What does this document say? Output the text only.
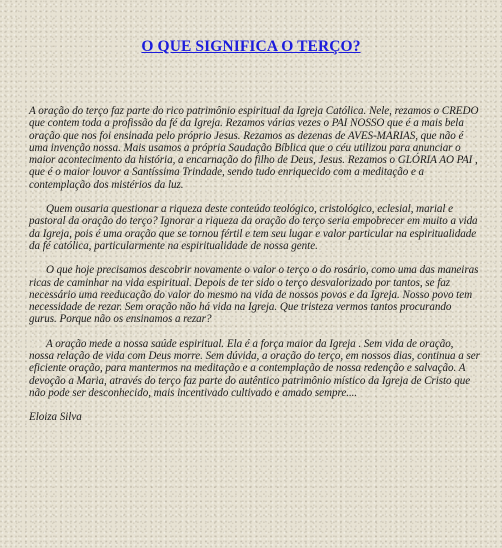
O QUE SIGNIFICA O TERÇO?

A oração do terço faz parte do rico patrimônio espiritual da Igreja Católica. Nele, rezamos o CREDO que contem toda a profissão da fé da Igreja. Rezamos várias vezes o PAI NOSSO que é a mais bela oração que nos foi ensinada pelo próprio Jesus. Rezamos as dezenas de AVES-MARIAS, que não é uma invenção nossa. Mais usamos a própria Saudação Bíblica que o céu utilizou para anunciar o maior acontecimento da história, a encarnação do filho de Deus, Jesus. Rezamos o GLÓRIA AO PAI , que é o maior louvor a Santíssima Trindade, sendo tudo enriquecido com a meditação e a contemplação dos mistérios da luz.

Quem ousaria questionar a riqueza deste conteúdo teológico, cristológico, eclesial, marial e pastoral da oração do terço? Ignorar a riqueza da oração do terço seria empobrecer em muito a vida da Igreja, pois é uma oração que se tornou fértil e tem seu lugar e valor particular na espiritualidade da fé católica, particularmente na espiritualidade de nossa gente.

O que hoje precisamos descobrir novamente o valor o terço o do rosário, como uma das maneiras ricas de caminhar na vida espiritual. Depois de ter sido o terço desvalorizado por tantos, se faz necessário uma reeducação do valor do mesmo na vida de nossos povos e da Igreja. Nosso povo tem necessidade de rezar. Sem oração não há vida na Igreja. Que tristeza vermos tantos procurando gurus. Porque não os ensinamos a rezar?

A oração mede a nossa saúde espiritual. Ela é a força maior da Igreja . Sem vida de oração, nossa relação de vida com Deus morre. Sem dúvida, a oração do terço, em nossos dias, continua a ser eficiente oração, para mantermos na meditação e a contemplação de nossa redenção e salvação. A devoção a Maria, através do terço faz parte do autêntico patrimônio místico da Igreja de Cristo que não pode ser desconhecido, mais incentivado cultivado e amado sempre....

Eloiza Silva
